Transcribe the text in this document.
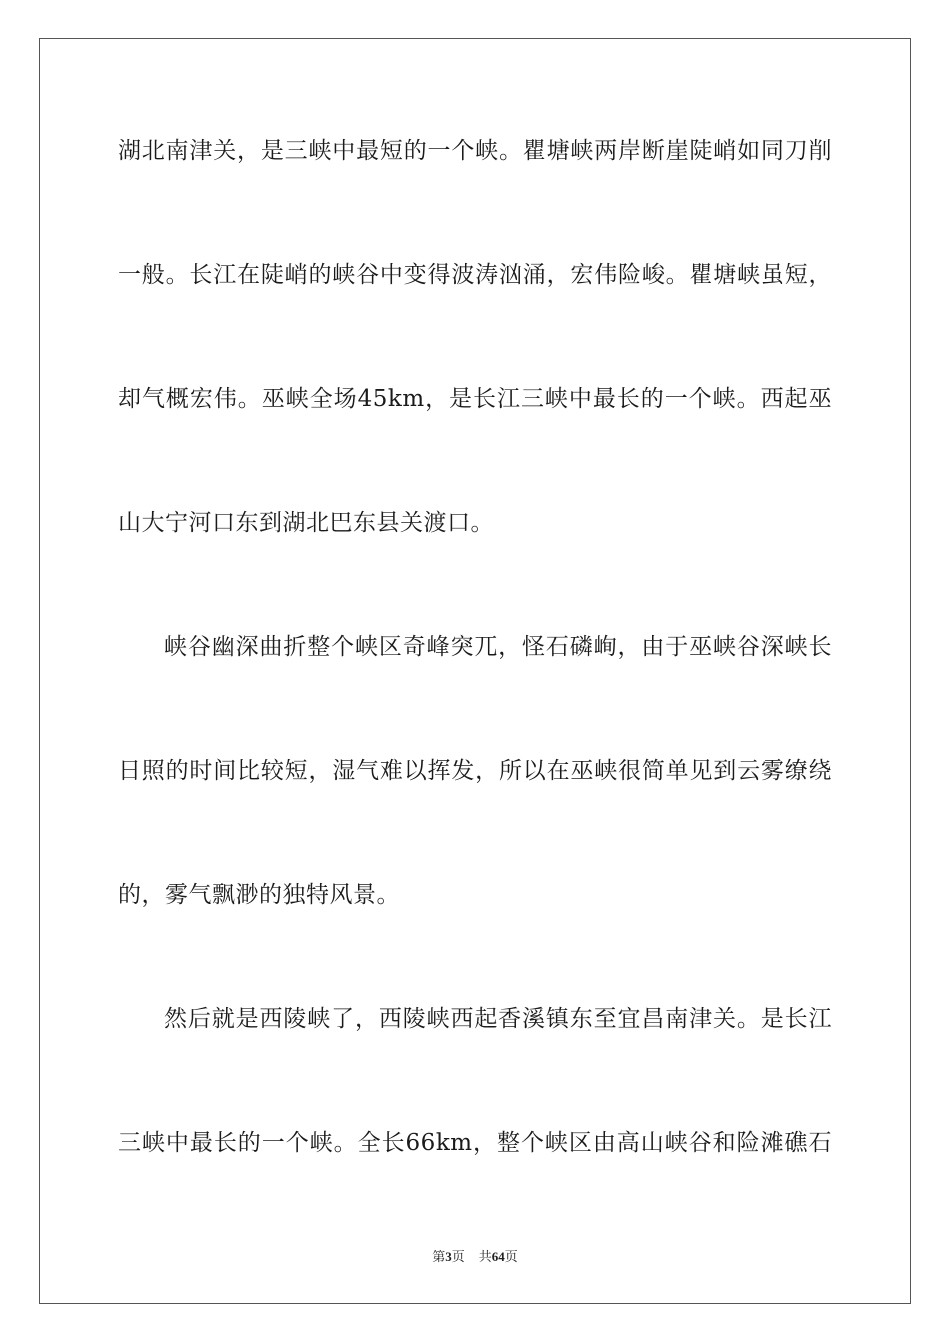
湖北南津关，是三峡中最短的一个峡。瞿塘峡两岸断崖陡峭如同刀削
一般。长江在陡峭的峡谷中变得波涛汹涌，宏伟险峻。瞿塘峡虽短，
却气概宏伟。巫峡全场45km，是长江三峡中最长的一个峡。西起巫
山大宁河口东到湖北巴东县关渡口。
峡谷幽深曲折整个峡区奇峰突兀，怪石磷峋，由于巫峡谷深峡长
日照的时间比较短，湿气难以挥发，所以在巫峡很简单见到云雾缭绕
的，雾气飘渺的独特风景。
然后就是西陵峡了，西陵峡西起香溪镇东至宜昌南津关。是长江
三峡中最长的一个峡。全长66km，整个峡区由高山峡谷和险滩礁石
第3页 共64页
